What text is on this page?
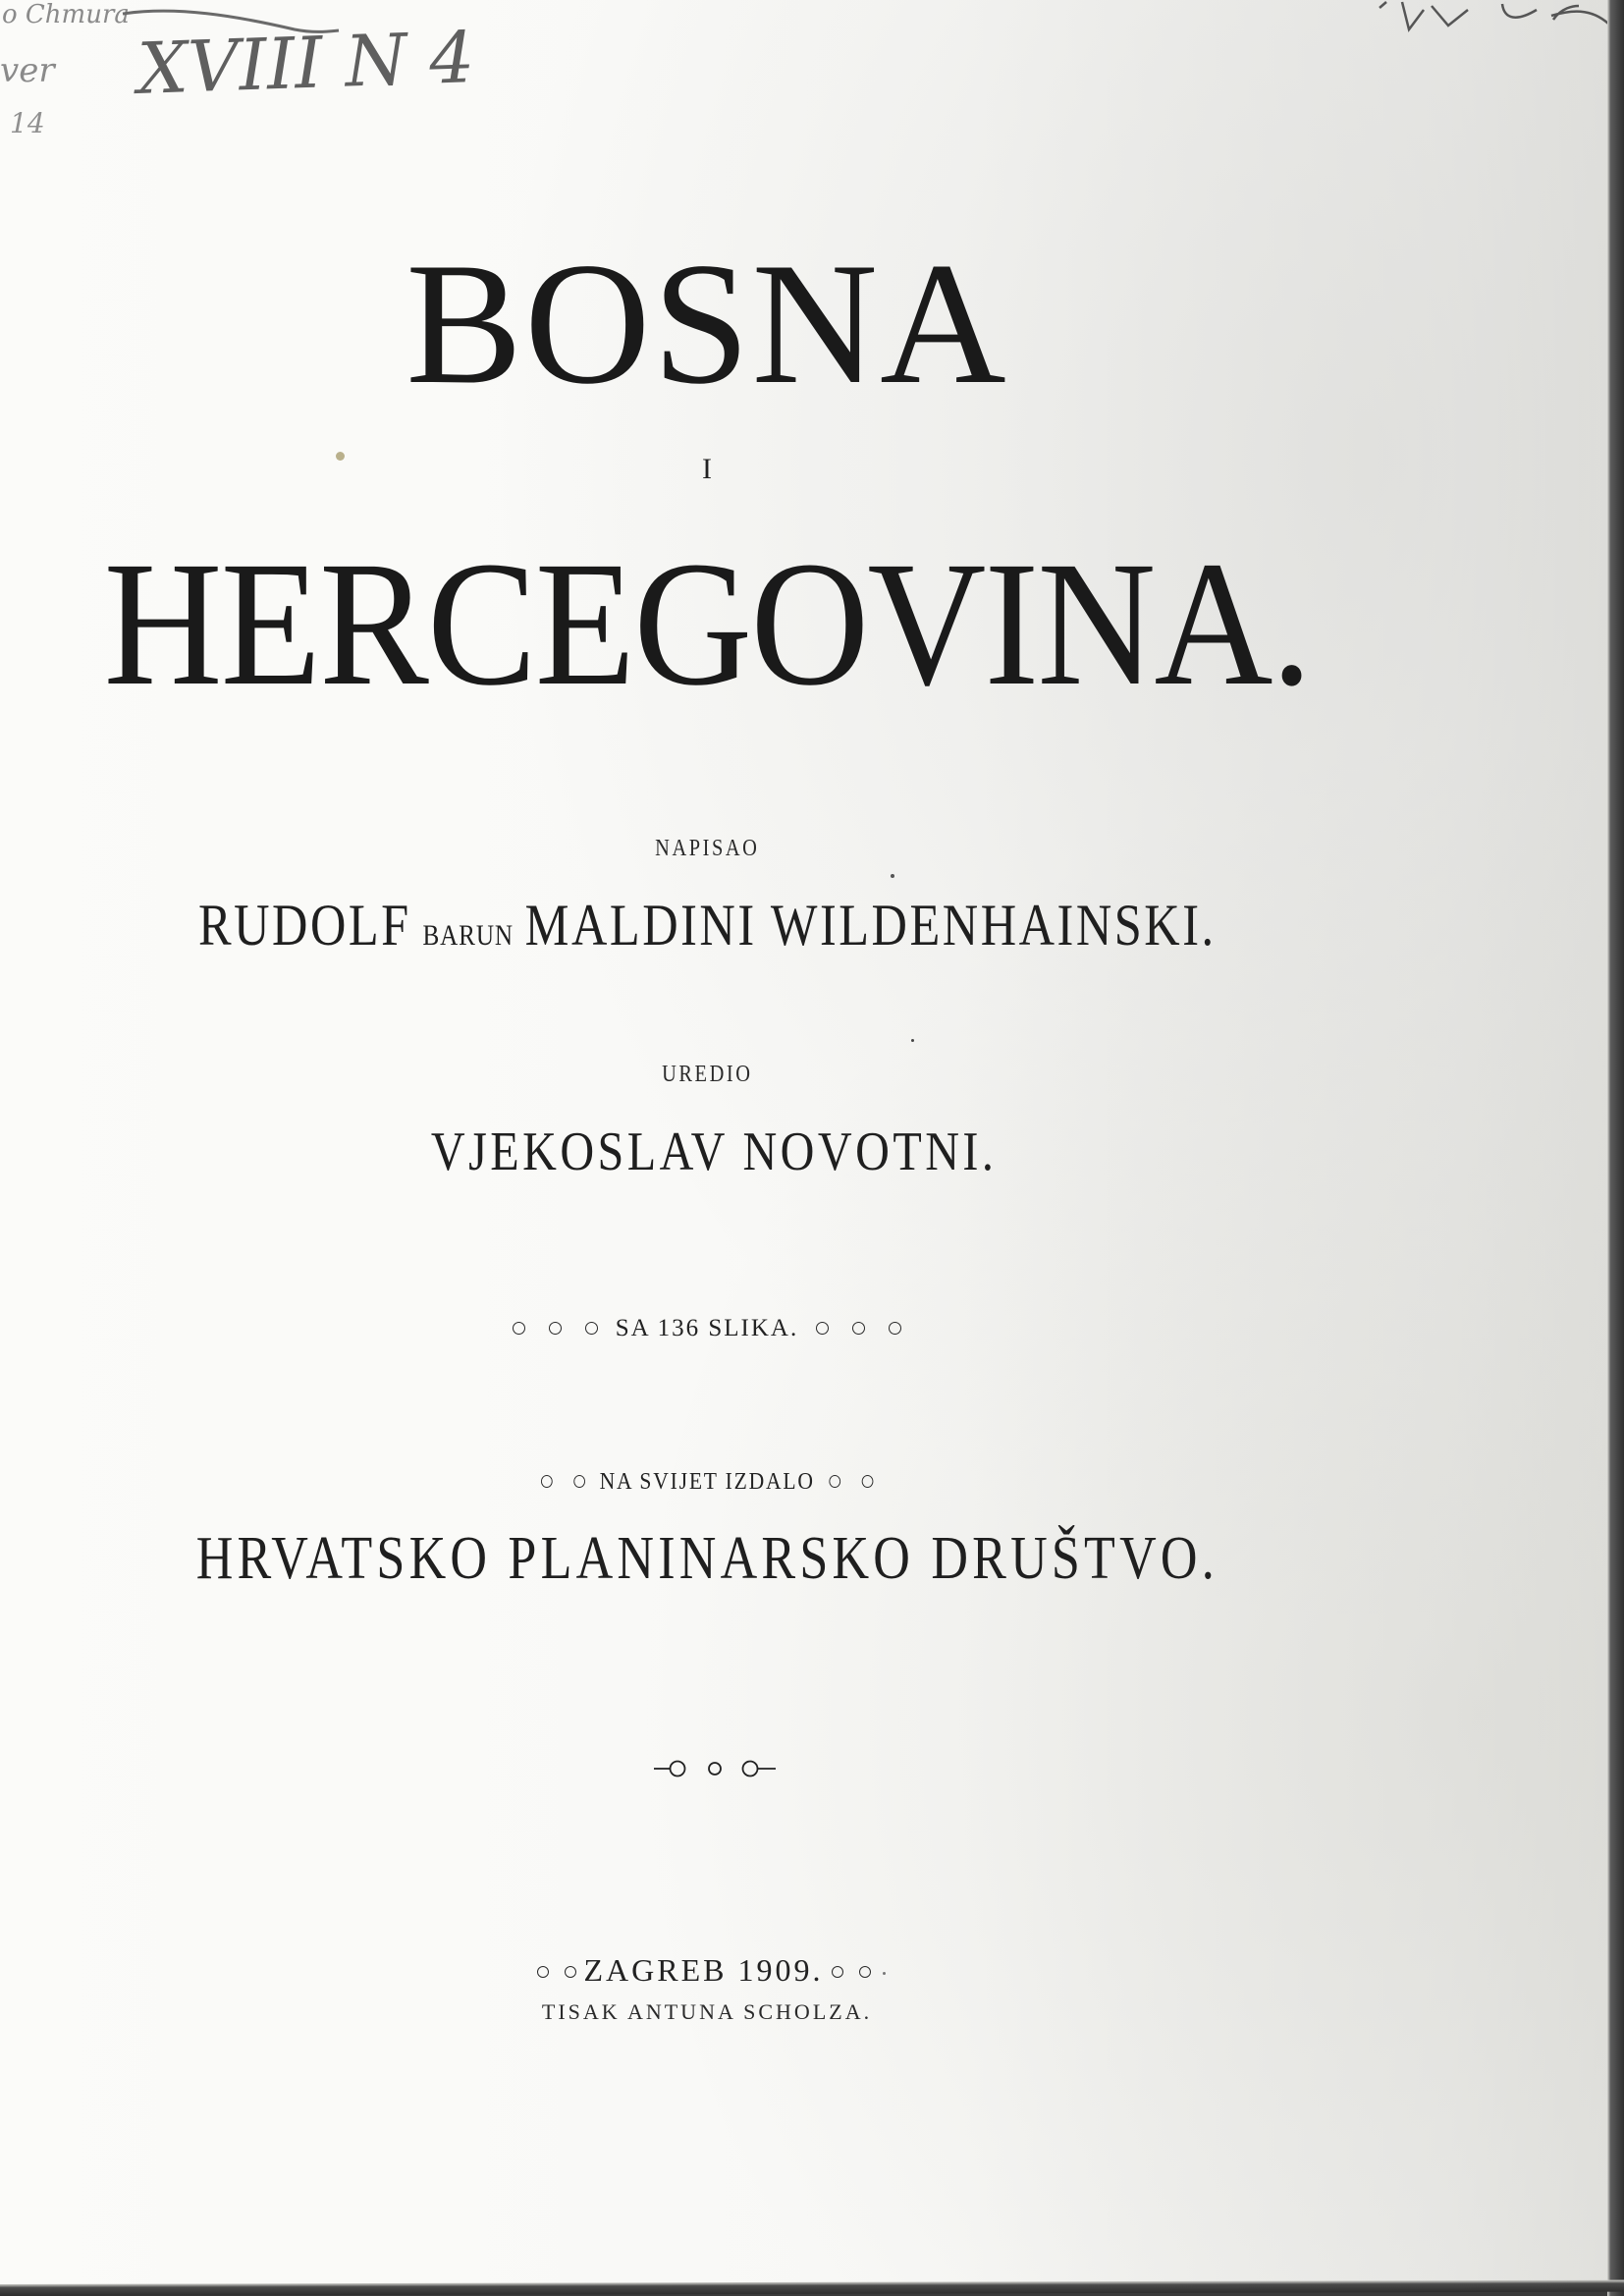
o Chmura
ver XVIII N 4
14
BOSNA
I
HERCEGOVINA.
NAPISAO
RUDOLF BARUN MALDINI WILDENHAINSKI.
UREDIO
VJEKOSLAV NOVOTNI.
SA 136 SLIKA.
NA SVIJET IZDALO
HRVATSKO PLANINARSKO DRUŠTVO.
ZAGREB 1909.
TISAK ANTUNA SCHOLZA.
